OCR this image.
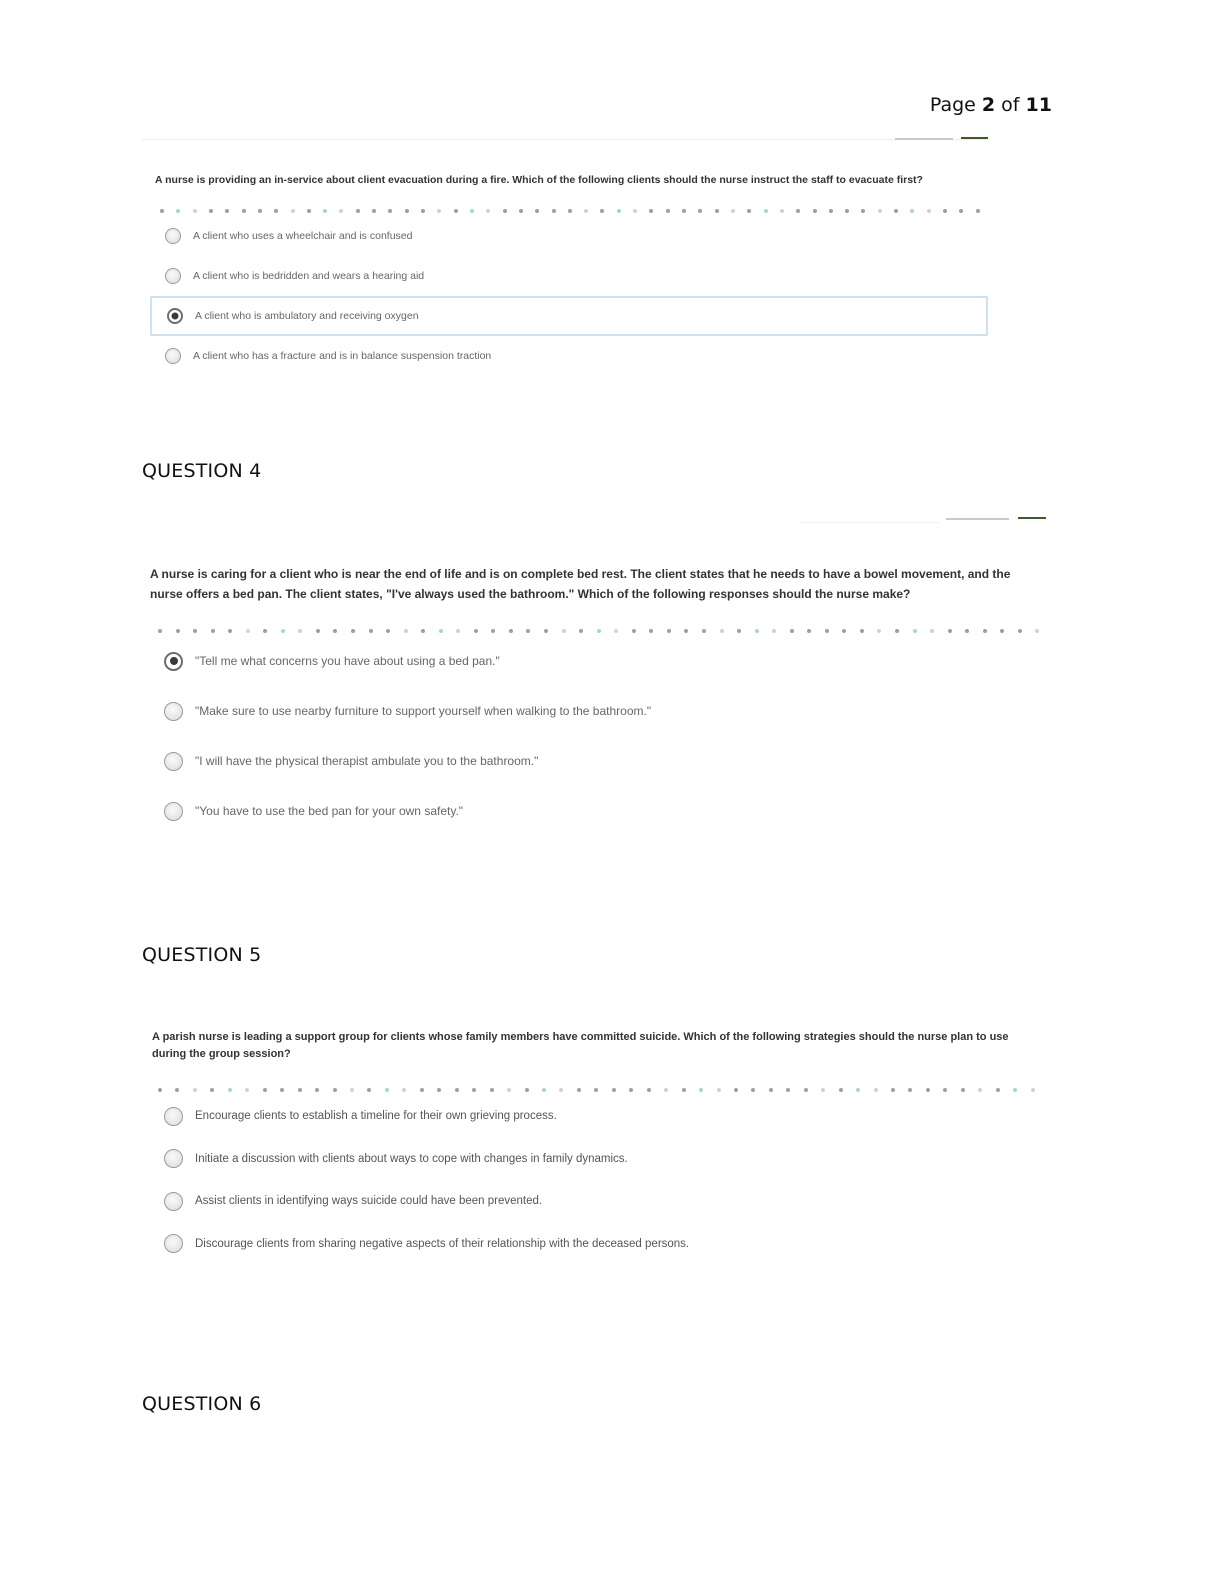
Page 2 of 11

A nurse is providing an in-service about client evacuation during a fire. Which of the following clients should the nurse instruct the staff to evacuate first?

A client who uses a wheelchair and is confused
A client who is bedridden and wears a hearing aid
A client who is ambulatory and receiving oxygen
A client who has a fracture and is in balance suspension traction
QUESTION 4

A nurse is caring for a client who is near the end of life and is on complete bed rest. The client states that he needs to have a bowel movement, and the nurse offers a bed pan. The client states, "I've always used the bathroom." Which of the following responses should the nurse make?

"Tell me what concerns you have about using a bed pan."
"Make sure to use nearby furniture to support yourself when walking to the bathroom."
"I will have the physical therapist ambulate you to the bathroom."
"You have to use the bed pan for your own safety."
QUESTION 5

A parish nurse is leading a support group for clients whose family members have committed suicide. Which of the following strategies should the nurse plan to use during the group session?

Encourage clients to establish a timeline for their own grieving process.
Initiate a discussion with clients about ways to cope with changes in family dynamics.
Assist clients in identifying ways suicide could have been prevented.
Discourage clients from sharing negative aspects of their relationship with the deceased persons.
QUESTION 6
